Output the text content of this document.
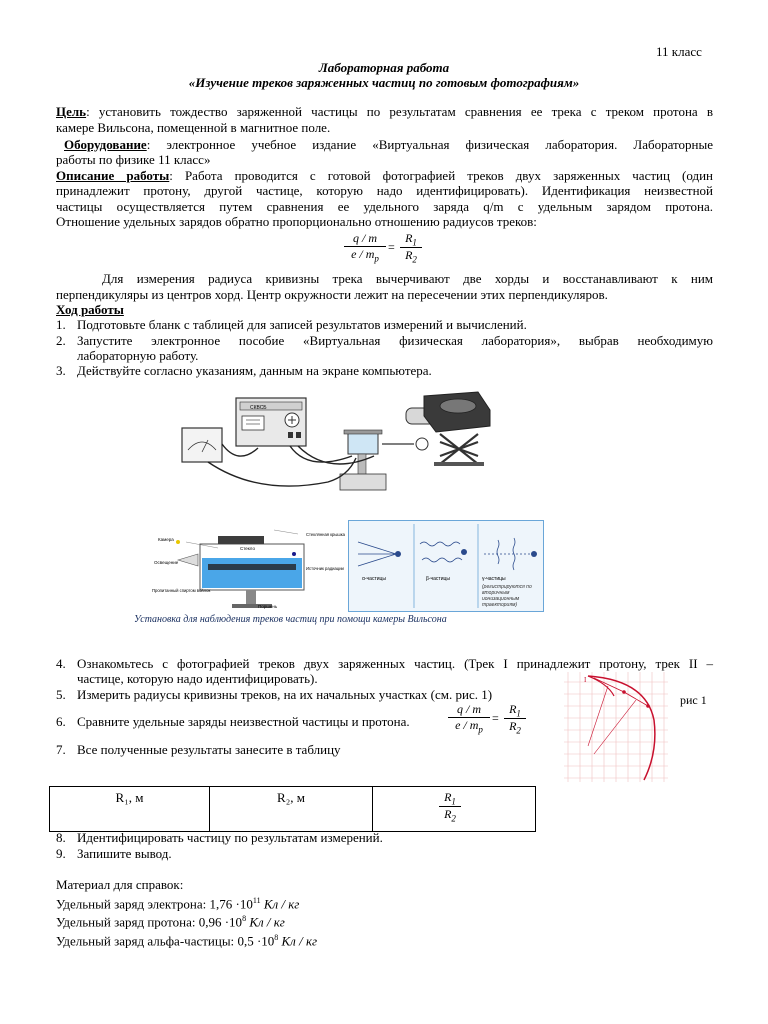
11 класс
Лабораторная работа
«Изучение треков заряженных частиц по готовым фотографиям»
Цель: установить тождество заряженной частицы по результатам сравнения ее трека с треком протона в
камере Вильсона, помещенной в магнитное поле.
Оборудование: электронное учебное издание «Виртуальная физическая лаборатория. Лабораторные
работы по физике 11 класс»
Описание работы: Работа проводится с готовой фотографией треков двух заряженных частиц (один
принадлежит протону, другой частице, которую надо идентифицировать). Идентификация неизвестной
частицы осуществляется путем сравнения ее удельного заряда q/m с удельным зарядом протона.
Отношение удельных зарядов обратно пропорционально отношению радиусов треков:
$\frac{q / m}{e / m_p} = \frac{R_1}{R_2}$
Для измерения радиуса кривизны трека вычерчивают две хорды и восстанавливают к ним
перпендикуляры из центров хорд. Центр окружности лежит на пересечении этих перпендикуляров.
Ход работы
1. Подготовьте бланк с таблицей для записей результатов измерений и вычислений.
2. Запустите электронное пособие «Виртуальная физическая лаборатория», выбрав необходимую
лабораторную работу.
3. Действуйте согласно указаниям, данным на экране компьютера.
СКВСБ
Камера
Освещение
Стекло
Стеклянная крышка
Источник радиации
Пропитанный спиртом войлок
Поршень
α-частицы	β-частицы	γ-частицы
(регистрируются по вторичным ионизационным траекториям)
Установка для наблюдения треков частиц при помощи камеры Вильсона
4. Ознакомьтесь с фотографией треков двух заряженных частиц. (Трек I принадлежит протону, трек II –
частице, которую надо идентифицировать).
5. Измерить радиусы кривизны треков, на их начальных участках (см. рис. 1)
6. Сравните удельные заряды неизвестной частицы и протона.
7. Все полученные результаты занесите в таблицу
$\frac{q / m}{e / m_p} = \frac{R_1}{R_2}$
I
рис 1
R₁, м	R₂, м	$\frac{R_1}{R_2}$
8. Идентифицировать частицу по результатам измерений.
9. Запишите вывод.
Материал для справок:
Удельный заряд электрона: $1,76 \cdot 10^{11}$ Кл / кг
Удельный заряд протона: $0,96 \cdot 10^8$ Кл / кг
Удельный заряд альфа-частицы: $0,5 \cdot 10^8$ Кл / кг
